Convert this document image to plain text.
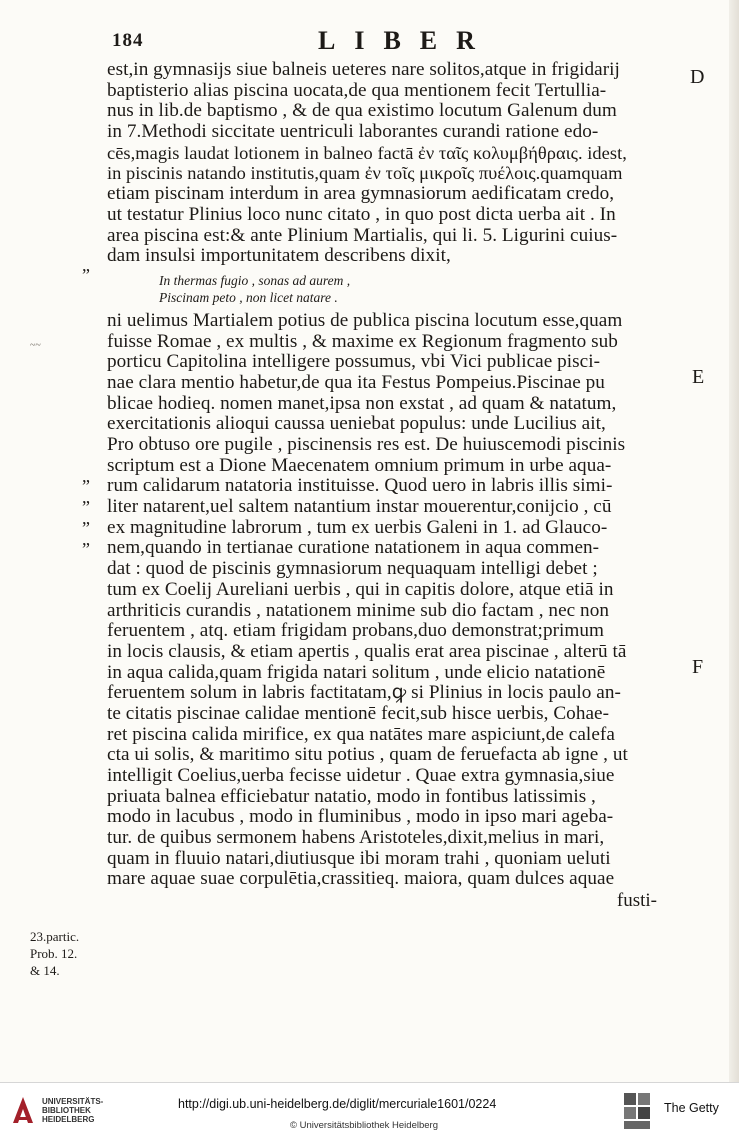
184	LIBER
D
E
F
~~
”
”
”
”
”
est,in gymnasijs siue balneis ueteres nare solitos,atque in frigidarij
baptisterio alias piscina uocata,de qua mentionem fecit Tertullia-
nus in lib.de baptismo , & de qua existimo locutum Galenum dum
in 7.Methodi siccitate uentriculi laborantes curandi ratione edo-
cēs,magis laudat lotionem in balneo factā ἐν ταῖς κολυμβήθραις. idest,
in piscinis natando institutis,quam ἐν τοῖς μικροῖς πυέλοις.quamquam
etiam piscinam interdum in area gymnasiorum aedificatam credo,
ut testatur Plinius loco nunc citato , in quo post dicta uerba ait . In
area piscina est:& ante Plinium Martialis, qui li. 5. Ligurini cuius-
dam insulsi importunitatem describens dixit,
In thermas fugio , sonas ad aurem ,
Piscinam peto , non licet natare .
ni uelimus Martialem potius de publica piscina locutum esse,quam
fuisse Romae , ex multis , & maxime ex Regionum fragmento sub
porticu Capitolina intelligere possumus, vbi Vici publicae pisci-
nae clara mentio habetur,de qua ita Festus Pompeius.Piscinae pu
blicae hodieq. nomen manet,ipsa non exstat , ad quam & natatum,
exercitationis alioqui caussa ueniebat populus: unde Lucilius ait,
Pro obtuso ore pugile , piscinensis res est. De huiuscemodi piscinis
scriptum est a Dione Maecenatem omnium primum in urbe aqua-
rum calidarum natatoria instituisse. Quod uero in labris illis simi-
liter natarent,uel saltem natantium instar mouerentur,conijcio , cū
ex magnitudine labrorum , tum ex uerbis Galeni in 1. ad Glauco-
nem,quando in tertianae curatione natationem in aqua commen-
dat : quod de piscinis gymnasiorum nequaquam intelligi debet ;
tum ex Coelij Aureliani uerbis , qui in capitis dolore, atque etiā in
arthriticis curandis , natationem minime sub dio factam , nec non
feruentem , atq. etiam frigidam probans,duo demonstrat;primum
in locis clausis, & etiam apertis , qualis erat area piscinae , alterū tā
in aqua calida,quam frigida natari solitum , unde elicio natationē
feruentem solum in labris factitatam,ꝙ si Plinius in locis paulo an-
te citatis piscinae calidae mentionē fecit,sub hisce uerbis, Cohae-
ret piscina calida mirifice, ex qua natātes mare aspiciunt,de calefa
cta ui solis, & maritimo situ potius , quam de feruefacta ab igne , ut
intelligit Coelius,uerba fecisse uidetur . Quae extra gymnasia,siue
priuata balnea efficiebatur natatio, modo in fontibus latissimis ,
modo in lacubus , modo in fluminibus , modo in ipso mari ageba-
tur. de quibus sermonem habens Aristoteles,dixit,melius in mari,
quam in fluuio natari,diutiusque ibi moram trahi , quoniam ueluti
mare aquae suae corpulētia,crassitieq. maiora, quam dulces aquae
fusti-
23.partic.
Prob. 12.
& 14.
UNIVERSITÄTS-
BIBLIOTHEK
HEIDELBERG
http://digi.ub.uni-heidelberg.de/diglit/mercuriale1601/0224
© Universitätsbibliothek Heidelberg
The Getty
